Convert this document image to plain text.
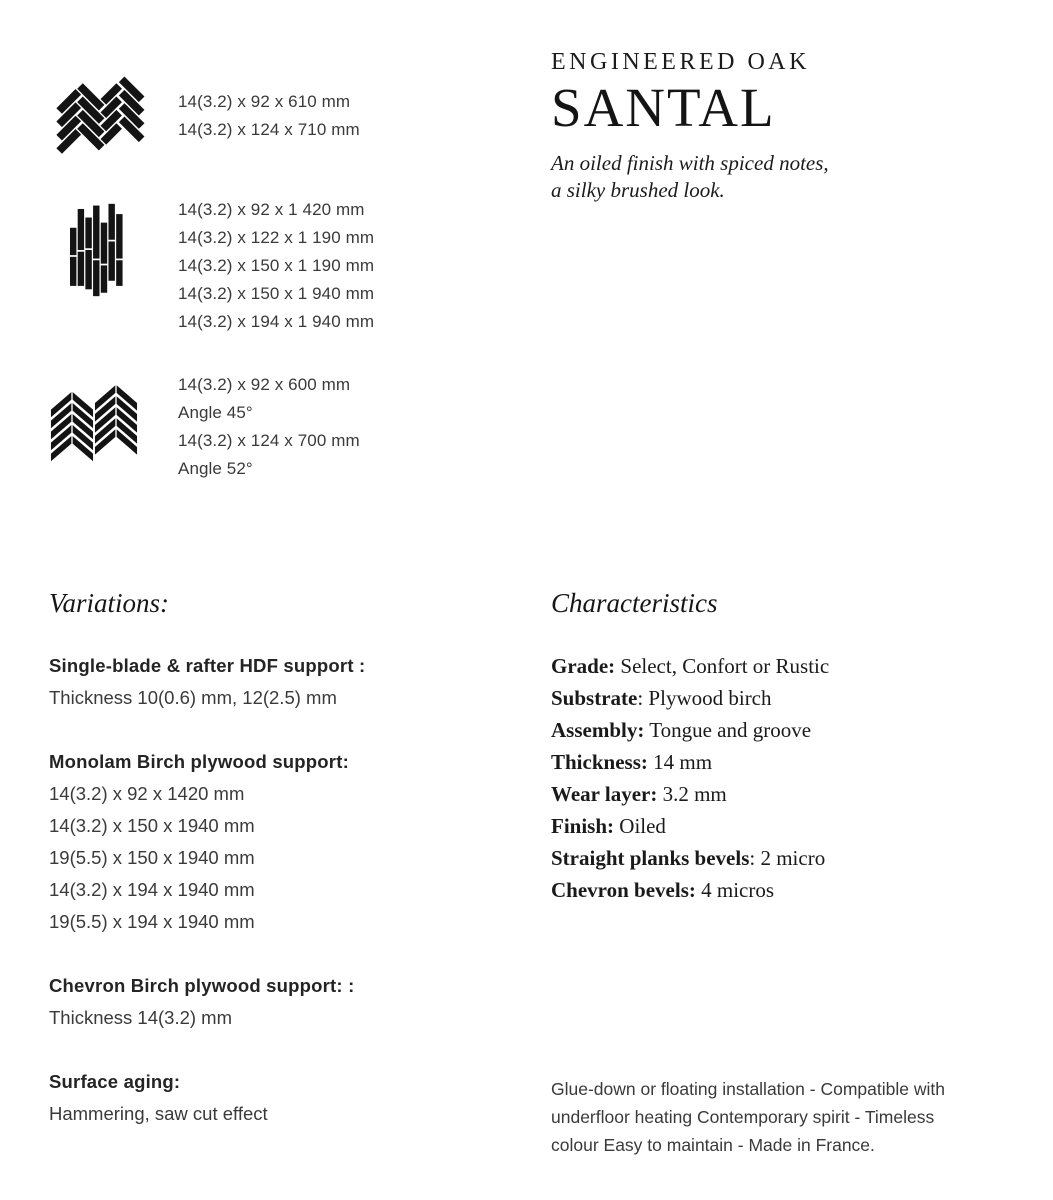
14(3.2) x 92 x 610 mm
14(3.2) x 124 x 710 mm
14(3.2) x 92 x 1 420 mm
14(3.2) x 122 x 1 190 mm
14(3.2) x 150 x 1 190 mm
14(3.2) x 150 x 1 940 mm
14(3.2) x 194 x 1 940 mm
14(3.2) x 92 x 600 mm
Angle 45°
14(3.2) x 124 x 700 mm
Angle 52°
ENGINEERED OAK
SANTAL
An oiled finish with spiced notes,
a silky brushed look.
Variations:
Single-blade & rafter HDF support :
Thickness 10(0.6) mm, 12(2.5) mm
Monolam Birch plywood support:
14(3.2) x 92 x 1420 mm
14(3.2) x 150 x 1940 mm
19(5.5) x 150 x 1940 mm
14(3.2) x 194 x 1940 mm
19(5.5) x 194 x 1940 mm
Chevron Birch plywood support: :
Thickness 14(3.2) mm
Surface aging:
Hammering, saw cut effect
Characteristics
Grade: Select, Confort or Rustic
Substrate: Plywood birch
Assembly: Tongue and groove
Thickness: 14 mm
Wear layer: 3.2 mm
Finish: Oiled
Straight planks bevels: 2 micro
Chevron bevels: 4 micros
Glue-down or floating installation - Compatible with underfloor heating Contemporary spirit - Timeless colour Easy to maintain - Made in France.
